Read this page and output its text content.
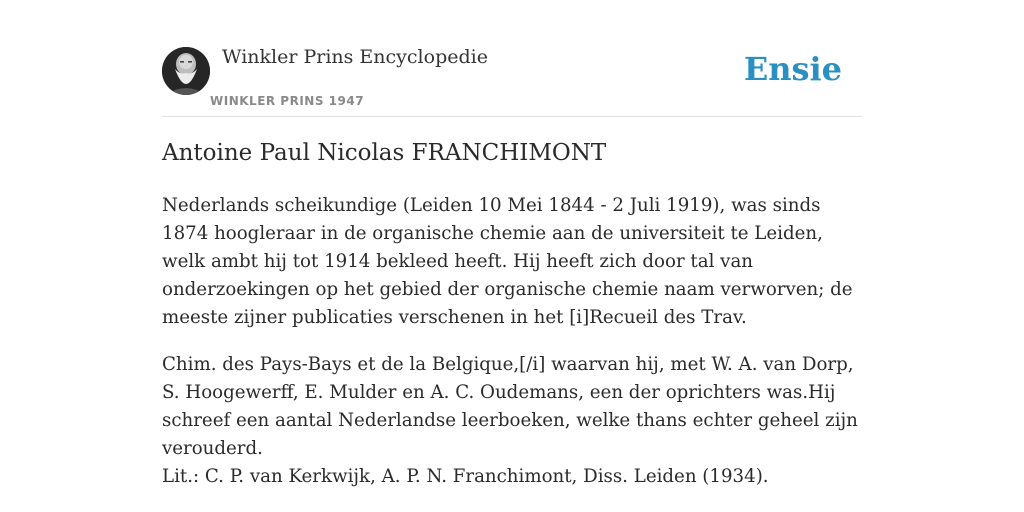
Winkler Prins Encyclopedie
WINKLER PRINS 1947
Ensie
Antoine Paul Nicolas FRANCHIMONT

Nederlands scheikundige (Leiden 10 Mei 1844 - 2 Juli 1919), was sinds 1874 hoogleraar in de organische chemie aan de universiteit te Leiden, welk ambt hij tot 1914 bekleed heeft. Hij heeft zich door tal van onderzoekingen op het gebied der organische chemie naam verworven; de meeste zijner publicaties verschenen in het [i]Recueil des Trav.

Chim. des Pays-Bays et de la Belgique,[/i] waarvan hij, met W. A. van Dorp, S. Hoogewerff, E. Mulder en A. C. Oudemans, een der oprichters was.Hij schreef een aantal Nederlandse leerboeken, welke thans echter geheel zijn verouderd.

Lit.: C. P. van Kerkwijk, A. P. N. Franchimont, Diss. Leiden (1934).
